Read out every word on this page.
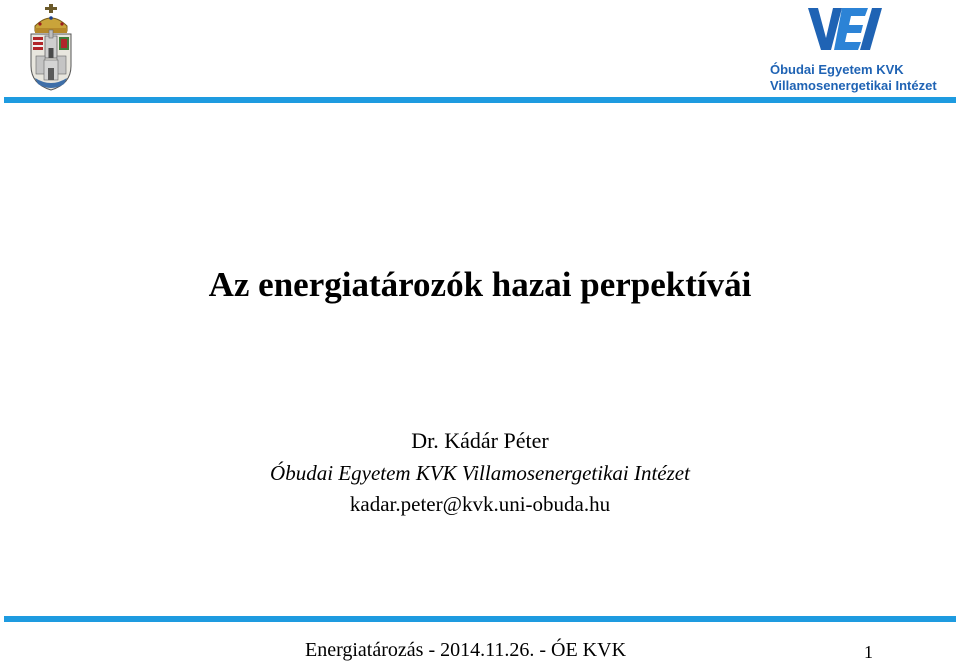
Óbudai Egyetem KVK
Villamosenergetikai Intézet
Az energiatározók hazai perpektívái
Dr. Kádár Péter
Óbudai Egyetem KVK Villamosenergetikai Intézet
kadar.peter@kvk.uni-obuda.hu
Energiatározás - 2014.11.26. - ÓE KVK	1
